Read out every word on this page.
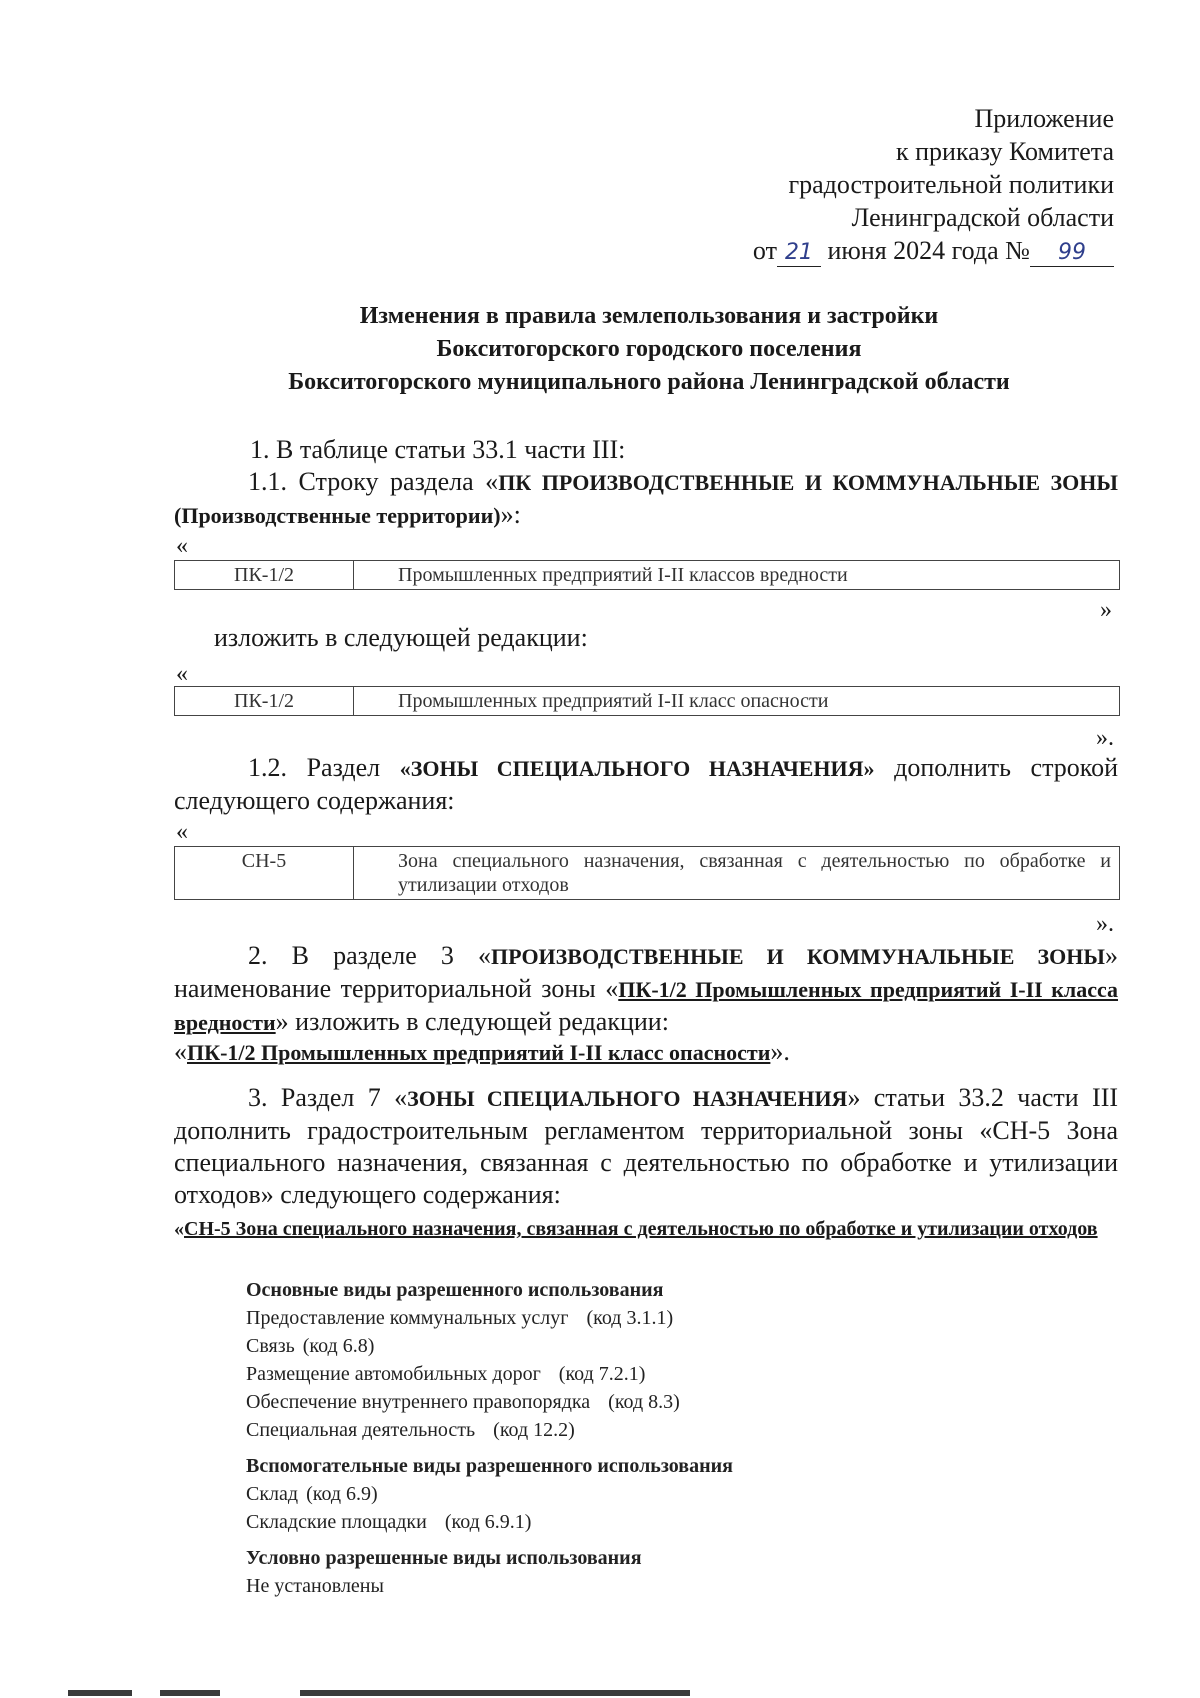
Приложение
к приказу Комитета
градостроительной политики
Ленинградской области
от 21 июня 2024 года № 99
Изменения в правила землепользования и застройки
Бокситогорского городского поселения
Бокситогорского муниципального района Ленинградской области
1. В таблице статьи 33.1 части III:
1.1. Строку раздела «ПК ПРОИЗВОДСТВЕННЫЕ И КОММУНАЛЬНЫЕ ЗОНЫ (Производственные территории)»:
«
ПК-1/2	Промышленных предприятий I-II классов вредности
»
изложить в следующей редакции:
«
ПК-1/2	Промышленных предприятий I-II класс опасности
».
1.2. Раздел «ЗОНЫ СПЕЦИАЛЬНОГО НАЗНАЧЕНИЯ» дополнить строкой следующего содержания:
«
СН-5	Зона специального назначения, связанная с деятельностью по обработке и утилизации отходов
».
2. В разделе 3 «ПРОИЗВОДСТВЕННЫЕ И КОММУНАЛЬНЫЕ ЗОНЫ» наименование территориальной зоны «ПК-1/2 Промышленных предприятий I-II класса вредности» изложить в следующей редакции:
«ПК-1/2 Промышленных предприятий I-II класс опасности».
3. Раздел 7 «ЗОНЫ СПЕЦИАЛЬНОГО НАЗНАЧЕНИЯ» статьи 33.2 части III дополнить градостроительным регламентом территориальной зоны «СН-5 Зона специального назначения, связанная с деятельностью по обработке и утилизации отходов» следующего содержания:
«СН-5 Зона специального назначения, связанная с деятельностью по обработке и утилизации отходов
Основные виды разрешенного использования
Предоставление коммунальных услуг (код 3.1.1)
Связь (код 6.8)
Размещение автомобильных дорог (код 7.2.1)
Обеспечение внутреннего правопорядка (код 8.3)
Специальная деятельность (код 12.2)
Вспомогательные виды разрешенного использования
Склад (код 6.9)
Складские площадки (код 6.9.1)
Условно разрешенные виды использования
Не установлены
